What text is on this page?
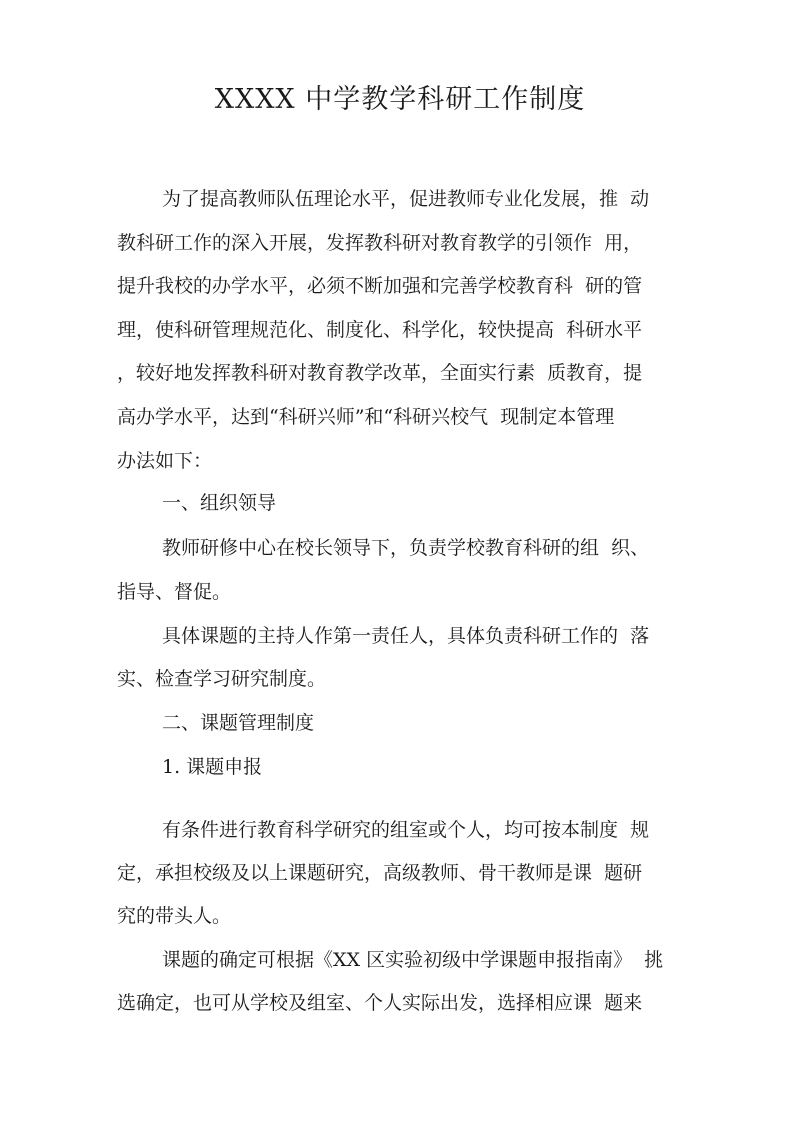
XXXX 中学教学科研工作制度

为了提高教师队伍理论水平，促进教师专业化发展，推  动

教科研工作的深入开展，发挥教科研对教育教学的引领作  用，

提升我校的办学水平，必须不断加强和完善学校教育科  研的管

理，使科研管理规范化、制度化、科学化，较快提高  科研水平

，较好地发挥教科研对教育教学改革，全面实行素  质教育，提

高办学水平，达到“科研兴师”和“科研兴校气  现制定本管理

办法如下：

一、组织领导

教师研修中心在校长领导下，负责学校教育科研的组  织、

指导、督促。

具体课题的主持人作第一责任人，具体负责科研工作的  落

实、检查学习研究制度。

二、课题管理制度

1. 课题申报

有条件进行教育科学研究的组室或个人，均可按本制度  规

定，承担校级及以上课题研究，高级教师、骨干教师是课  题研

究的带头人。

课题的确定可根据《XX 区实验初级中学课题申报指南》  挑

选确定，也可从学校及组室、个人实际出发，选择相应课  题来
